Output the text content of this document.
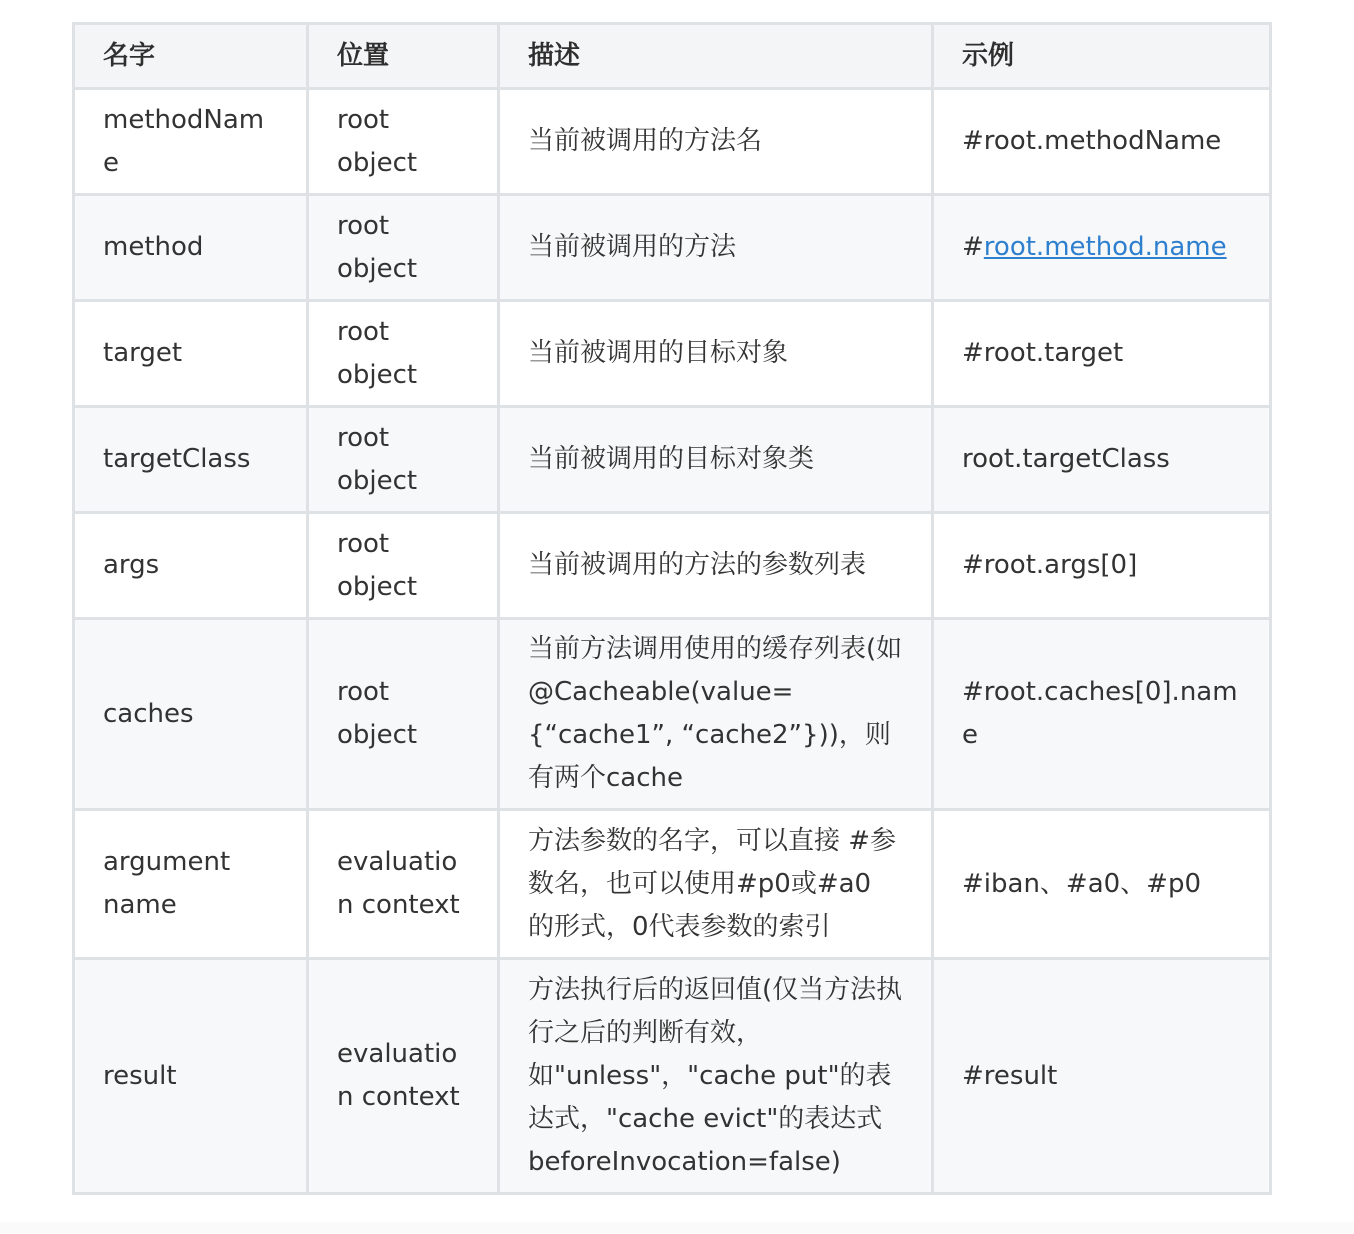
名字	位置	描述	示例
methodName	root object	当前被调用的方法名	#root.methodName
method	root object	当前被调用的方法	#root.method.name
target	root object	当前被调用的目标对象	#root.target
targetClass	root object	当前被调用的目标对象类	root.targetClass
args	root object	当前被调用的方法的参数列表	#root.args[0]
caches	root object	当前方法调用使用的缓存列表(如@Cacheable(value={“cache1”, “cache2”}))，则有两个cache	#root.caches[0].name
argument name	evaluation context	方法参数的名字，可以直接 #参数名，也可以使用#p0或#a0 的形式，0代表参数的索引	#iban、#a0、#p0
result	evaluation context	方法执行后的返回值(仅当方法执行之后的判断有效，如"unless"，"cache put"的表达式，"cache evict"的表达式beforeInvocation=false)	#result
